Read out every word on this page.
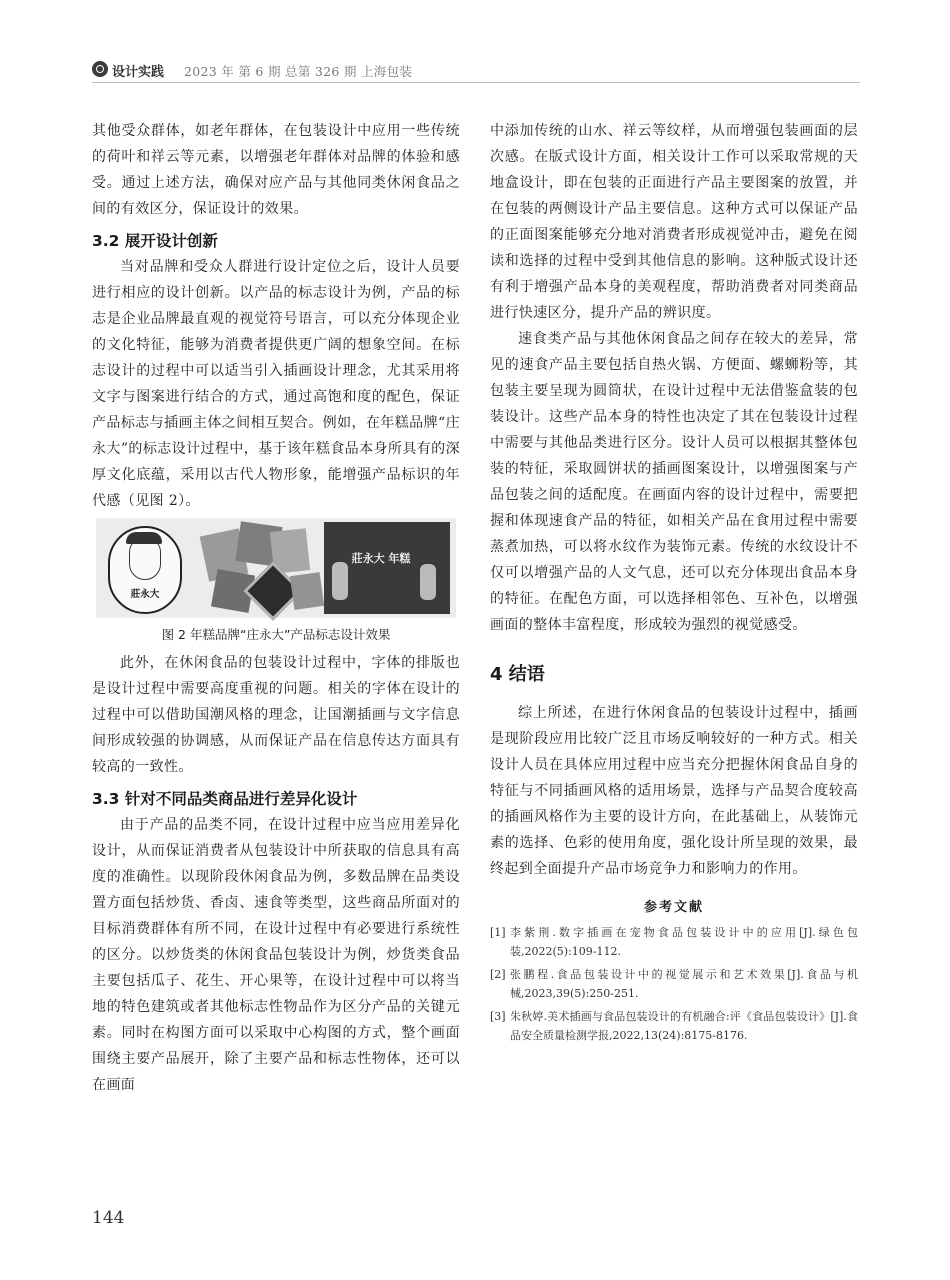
设计实践 2023 年 第 6 期 总第 326 期 上海包装

其他受众群体，如老年群体，在包装设计中应用一些传统的荷叶和祥云等元素，以增强老年群体对品牌的体验和感受。通过上述方法，确保对应产品与其他同类休闲食品之间的有效区分，保证设计的效果。

3.2 展开设计创新

当对品牌和受众人群进行设计定位之后，设计人员要进行相应的设计创新。以产品的标志设计为例，产品的标志是企业品牌最直观的视觉符号语言，可以充分体现企业的文化特征，能够为消费者提供更广阔的想象空间。在标志设计的过程中可以适当引入插画设计理念，尤其采用将文字与图案进行结合的方式，通过高饱和度的配色，保证产品标志与插画主体之间相互契合。例如，在年糕品牌“庄永大”的标志设计过程中，基于该年糕食品本身所具有的深厚文化底蕴，采用以古代人物形象，能增强产品标识的年代感（见图 2）。

莊永大
莊永大 年糕

图 2 年糕品牌“庄永大”产品标志设计效果

此外，在休闲食品的包装设计过程中，字体的排版也是设计过程中需要高度重视的问题。相关的字体在设计的过程中可以借助国潮风格的理念，让国潮插画与文字信息间形成较强的协调感，从而保证产品在信息传达方面具有较高的一致性。

3.3 针对不同品类商品进行差异化设计

由于产品的品类不同，在设计过程中应当应用差异化设计，从而保证消费者从包装设计中所获取的信息具有高度的准确性。以现阶段休闲食品为例，多数品牌在品类设置方面包括炒货、香卤、速食等类型，这些商品所面对的目标消费群体有所不同，在设计过程中有必要进行系统性的区分。以炒货类的休闲食品包装设计为例，炒货类食品主要包括瓜子、花生、开心果等，在设计过程中可以将当地的特色建筑或者其他标志性物品作为区分产品的关键元素。同时在构图方面可以采取中心构图的方式，整个画面围绕主要产品展开，除了主要产品和标志性物体，还可以在画面

中添加传统的山水、祥云等纹样，从而增强包装画面的层次感。在版式设计方面，相关设计工作可以采取常规的天地盒设计，即在包装的正面进行产品主要图案的放置，并在包装的两侧设计产品主要信息。这种方式可以保证产品的正面图案能够充分地对消费者形成视觉冲击，避免在阅读和选择的过程中受到其他信息的影响。这种版式设计还有利于增强产品本身的美观程度，帮助消费者对同类商品进行快速区分，提升产品的辨识度。

速食类产品与其他休闲食品之间存在较大的差异，常见的速食产品主要包括自热火锅、方便面、螺蛳粉等，其包装主要呈现为圆筒状，在设计过程中无法借鉴盒装的包装设计。这些产品本身的特性也决定了其在包装设计过程中需要与其他品类进行区分。设计人员可以根据其整体包装的特征，采取圆饼状的插画图案设计，以增强图案与产品包装之间的适配度。在画面内容的设计过程中，需要把握和体现速食产品的特征，如相关产品在食用过程中需要蒸煮加热，可以将水纹作为装饰元素。传统的水纹设计不仅可以增强产品的人文气息，还可以充分体现出食品本身的特征。在配色方面，可以选择相邻色、互补色，以增强画面的整体丰富程度，形成较为强烈的视觉感受。

4 结语

综上所述，在进行休闲食品的包装设计过程中，插画是现阶段应用比较广泛且市场反响较好的一种方式。相关设计人员在具体应用过程中应当充分把握休闲食品自身的特征与不同插画风格的适用场景，选择与产品契合度较高的插画风格作为主要的设计方向，在此基础上，从装饰元素的选择、色彩的使用角度，强化设计所呈现的效果，最终起到全面提升产品市场竞争力和影响力的作用。

参考文献

[1] 李紫荆.数字插画在宠物食品包装设计中的应用[J].绿色包装,2022(5):109-112.

[2] 张鹏程.食品包装设计中的视觉展示和艺术效果[J].食品与机械,2023,39(5):250-251.

[3] 朱秋婷.美术插画与食品包装设计的有机融合:评《食品包装设计》[J].食品安全质量检测学报,2022,13(24):8175-8176.

144
